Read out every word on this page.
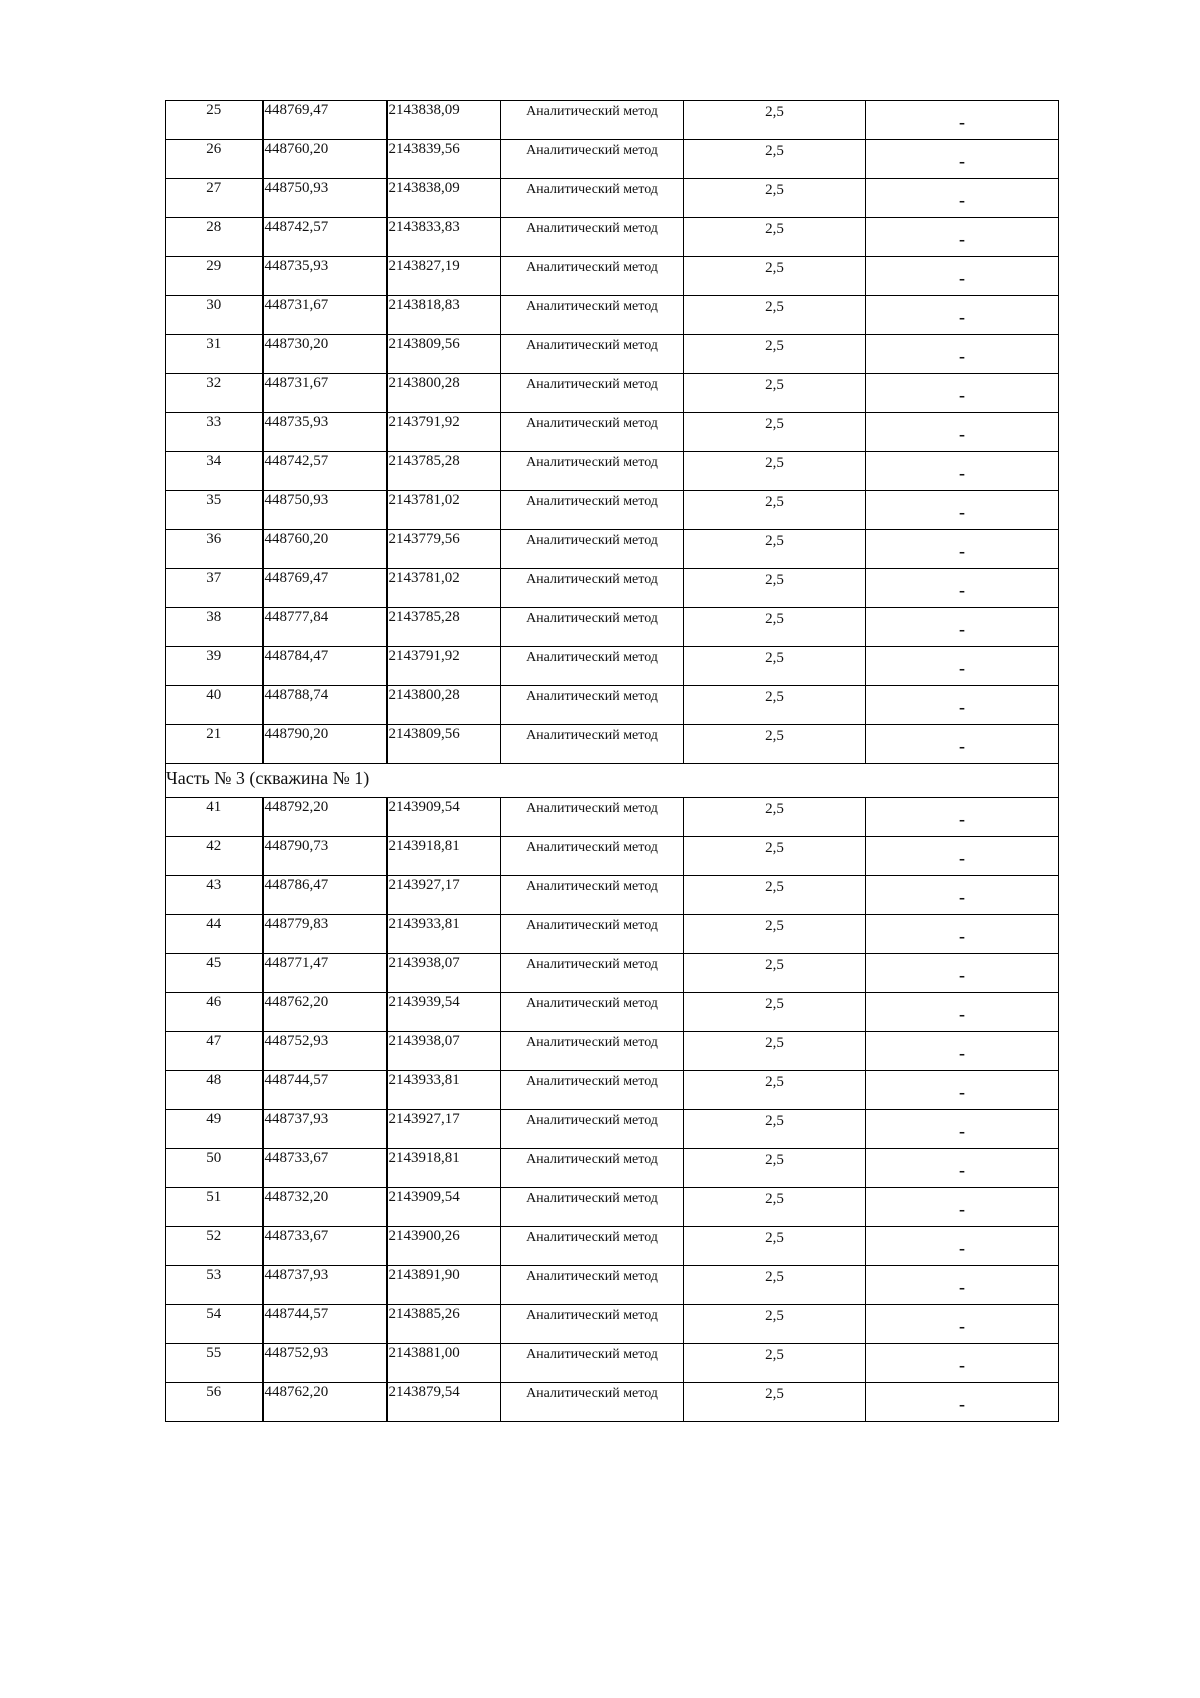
25	448769,47	2143838,09	Аналитический метод	2,5	-
26	448760,20	2143839,56	Аналитический метод	2,5	-
27	448750,93	2143838,09	Аналитический метод	2,5	-
28	448742,57	2143833,83	Аналитический метод	2,5	-
29	448735,93	2143827,19	Аналитический метод	2,5	-
30	448731,67	2143818,83	Аналитический метод	2,5	-
31	448730,20	2143809,56	Аналитический метод	2,5	-
32	448731,67	2143800,28	Аналитический метод	2,5	-
33	448735,93	2143791,92	Аналитический метод	2,5	-
34	448742,57	2143785,28	Аналитический метод	2,5	-
35	448750,93	2143781,02	Аналитический метод	2,5	-
36	448760,20	2143779,56	Аналитический метод	2,5	-
37	448769,47	2143781,02	Аналитический метод	2,5	-
38	448777,84	2143785,28	Аналитический метод	2,5	-
39	448784,47	2143791,92	Аналитический метод	2,5	-
40	448788,74	2143800,28	Аналитический метод	2,5	-
21	448790,20	2143809,56	Аналитический метод	2,5	-
Часть № 3 (скважина № 1)					
41	448792,20	2143909,54	Аналитический метод	2,5	-
42	448790,73	2143918,81	Аналитический метод	2,5	-
43	448786,47	2143927,17	Аналитический метод	2,5	-
44	448779,83	2143933,81	Аналитический метод	2,5	-
45	448771,47	2143938,07	Аналитический метод	2,5	-
46	448762,20	2143939,54	Аналитический метод	2,5	-
47	448752,93	2143938,07	Аналитический метод	2,5	-
48	448744,57	2143933,81	Аналитический метод	2,5	-
49	448737,93	2143927,17	Аналитический метод	2,5	-
50	448733,67	2143918,81	Аналитический метод	2,5	-
51	448732,20	2143909,54	Аналитический метод	2,5	-
52	448733,67	2143900,26	Аналитический метод	2,5	-
53	448737,93	2143891,90	Аналитический метод	2,5	-
54	448744,57	2143885,26	Аналитический метод	2,5	-
55	448752,93	2143881,00	Аналитический метод	2,5	-
56	448762,20	2143879,54	Аналитический метод	2,5	-
